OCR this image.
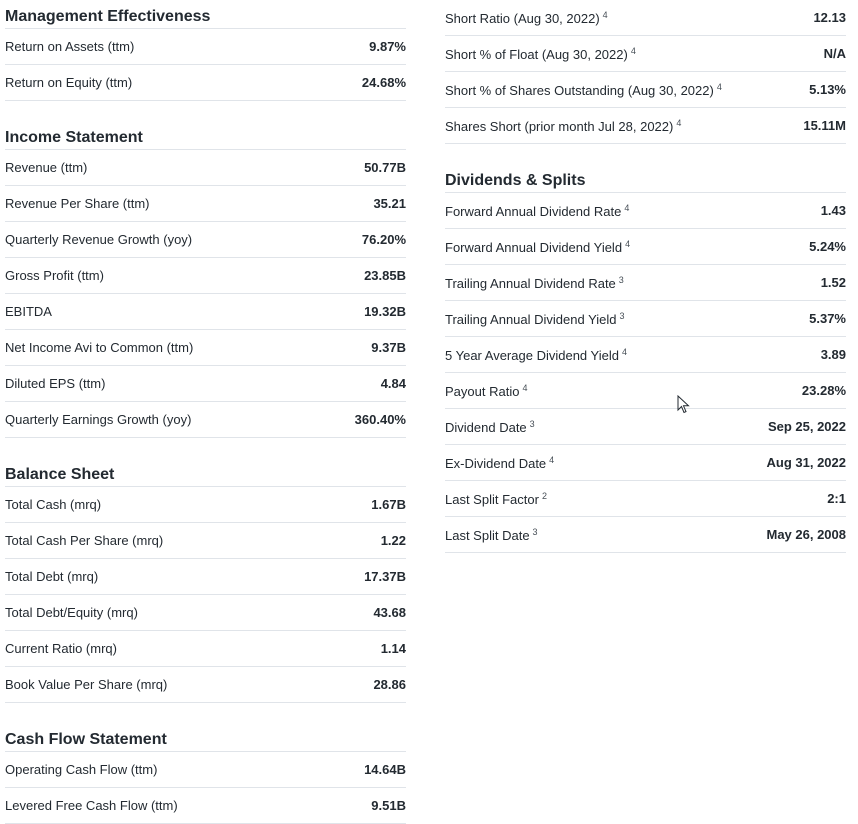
Management Effectiveness
Return on Assets (ttm)	9.87%
Return on Equity (ttm)	24.68%
Income Statement
Revenue (ttm)	50.77B
Revenue Per Share (ttm)	35.21
Quarterly Revenue Growth (yoy)	76.20%
Gross Profit (ttm)	23.85B
EBITDA	19.32B
Net Income Avi to Common (ttm)	9.37B
Diluted EPS (ttm)	4.84
Quarterly Earnings Growth (yoy)	360.40%
Balance Sheet
Total Cash (mrq)	1.67B
Total Cash Per Share (mrq)	1.22
Total Debt (mrq)	17.37B
Total Debt/Equity (mrq)	43.68
Current Ratio (mrq)	1.14
Book Value Per Share (mrq)	28.86
Cash Flow Statement
Operating Cash Flow (ttm)	14.64B
Levered Free Cash Flow (ttm)	9.51B
Short Ratio (Aug 30, 2022) $^4$	12.13
Short % of Float (Aug 30, 2022) $^4$	N/A
Short % of Shares Outstanding (Aug 30, 2022) $^4$	5.13%
Shares Short (prior month Jul 28, 2022) $^4$	15.11M
Dividends & Splits
Forward Annual Dividend Rate $^4$	1.43
Forward Annual Dividend Yield $^4$	5.24%
Trailing Annual Dividend Rate $^3$	1.52
Trailing Annual Dividend Yield $^3$	5.37%
5 Year Average Dividend Yield $^4$	3.89
Payout Ratio $^4$	23.28%
Dividend Date $^3$	Sep 25, 2022
Ex-Dividend Date $^4$	Aug 31, 2022
Last Split Factor $^2$	2:1
Last Split Date $^3$	May 26, 2008
